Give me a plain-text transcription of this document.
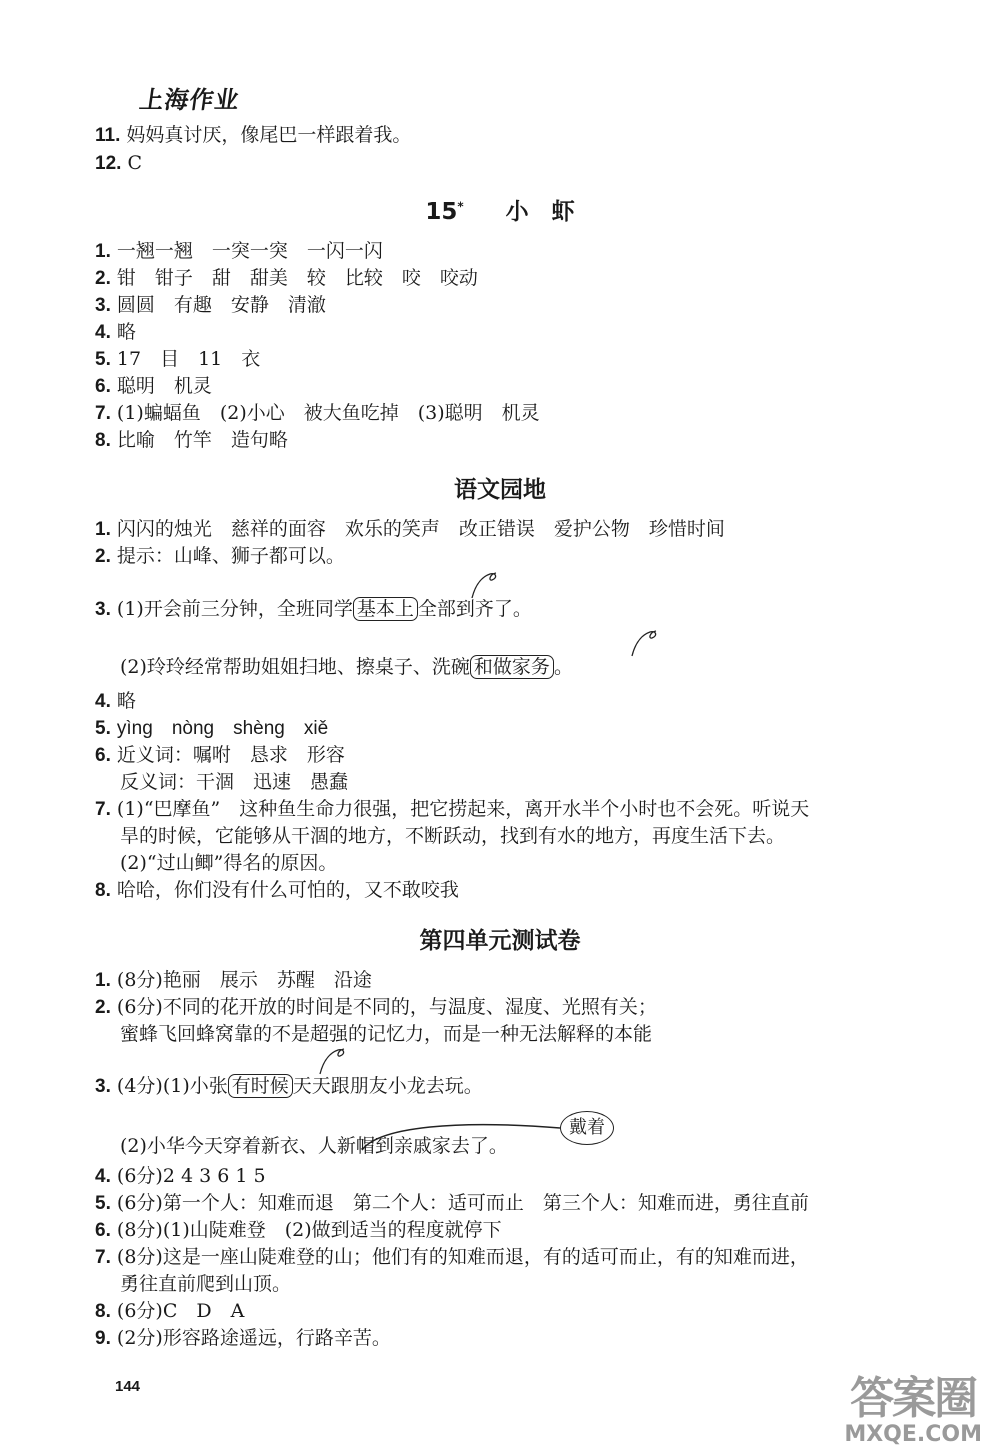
上海作业
11. 妈妈真讨厌，像尾巴一样跟着我。
12. C
15* 小　虾
1. 一翘一翘　一突一突　一闪一闪
2. 钳　钳子　甜　甜美　较　比较　咬　咬动
3. 圆圆　有趣　安静　清澈
4. 略
5. 17　目　11　衣
6. 聪明　机灵
7. (1)蝙蝠鱼　(2)小心　被大鱼吃掉　(3)聪明　机灵
8. 比喻　竹竿　造句略
语文园地
1. 闪闪的烛光　慈祥的面容　欢乐的笑声　改正错误　爱护公物　珍惜时间
2. 提示：山峰、狮子都可以。
3. (1)开会前三分钟，全班同学 基本上 全部到齐了。
(2)玲玲经常帮助姐姐扫地、擦桌子、洗碗 和做家务 。
4. 略
5. yìng　nòng　shèng　xiě
6. 近义词：嘱咐　恳求　形容
反义词：干涸　迅速　愚蠢
7. (1)“巴摩鱼”　这种鱼生命力很强，把它捞起来，离开水半个小时也不会死。听说天
旱的时候，它能够从干涸的地方，不断跃动，找到有水的地方，再度生活下去。
(2)“过山鲫”得名的原因。
8. 哈哈，你们没有什么可怕的，又不敢咬我
第四单元测试卷
1. (8分)艳丽　展示　苏醒　沿途
2. (6分)不同的花开放的时间是不同的，与温度、湿度、光照有关；
蜜蜂飞回蜂窝靠的不是超强的记忆力，而是一种无法解释的本能
3. (4分)(1)小张 有时候 天天跟朋友小龙去玩。
(2)小华今天穿着新衣、人新帽到亲戚家去了。
戴着
4. (6分)2 4 3 6 1 5
5. (6分)第一个人：知难而退　第二个人：适可而止　第三个人：知难而进，勇往直前
6. (8分)(1)山陡难登　(2)做到适当的程度就停下
7. (8分)这是一座山陡难登的山；他们有的知难而退，有的适可而止，有的知难而进，
勇往直前爬到山顶。
8. (6分)C　D　A
9. (2分)形容路途遥远，行路辛苦。
144	答案圈
MXQE.COM
